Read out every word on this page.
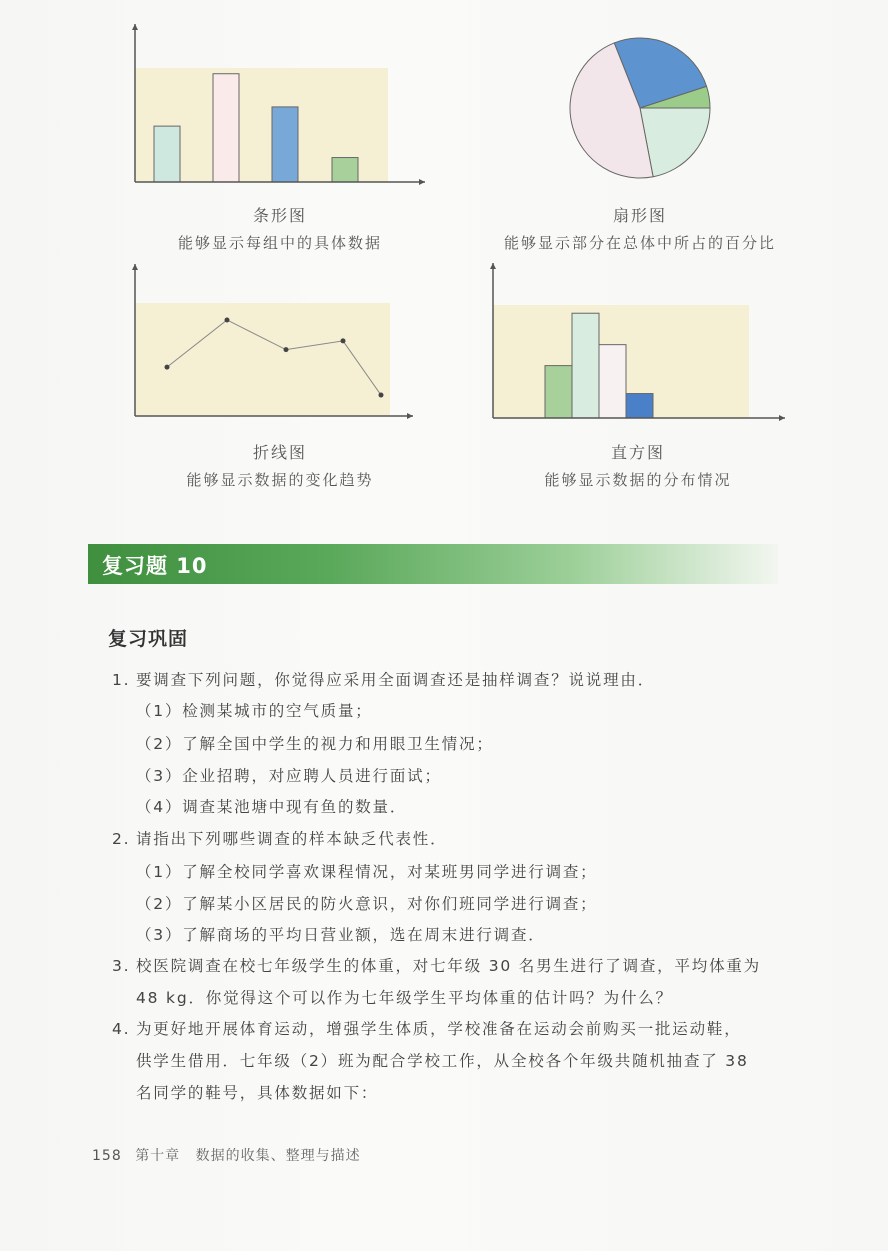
条形图
能够显示每组中的具体数据
扇形图
能够显示部分在总体中所占的百分比
折线图
能够显示数据的变化趋势
直方图
能够显示数据的分布情况
复习题 10
复习巩固
1. 要调查下列问题，你觉得应采用全面调查还是抽样调查？说说理由．
（1）检测某城市的空气质量；
（2）了解全国中学生的视力和用眼卫生情况；
（3）企业招聘，对应聘人员进行面试；
（4）调查某池塘中现有鱼的数量．
2. 请指出下列哪些调查的样本缺乏代表性．
（1）了解全校同学喜欢课程情况，对某班男同学进行调查；
（2）了解某小区居民的防火意识，对你们班同学进行调查；
（3）了解商场的平均日营业额，选在周末进行调查．
3. 校医院调查在校七年级学生的体重，对七年级 30 名男生进行了调查，平均体重为
48 kg．你觉得这个可以作为七年级学生平均体重的估计吗？为什么？
4. 为更好地开展体育运动，增强学生体质，学校准备在运动会前购买一批运动鞋，
供学生借用．七年级（2）班为配合学校工作，从全校各个年级共随机抽查了 38
名同学的鞋号，具体数据如下：
158 第十章 数据的收集、整理与描述
